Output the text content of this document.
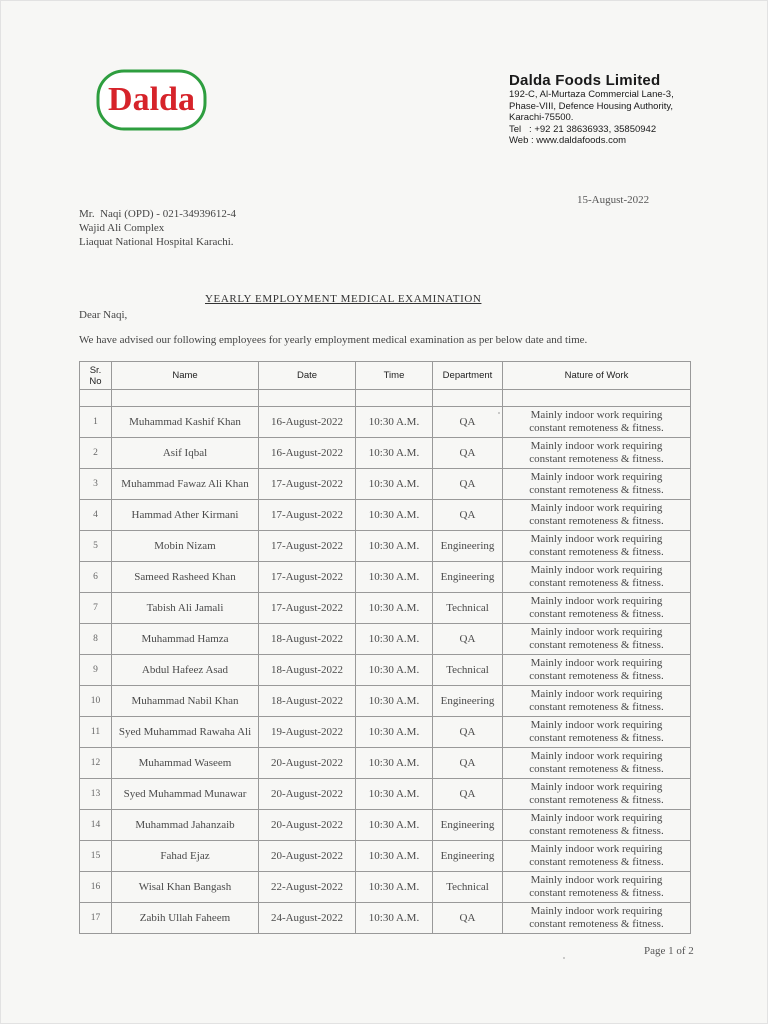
Dalda
Dalda Foods Limited
192-C, Al-Murtaza Commercial Lane-3,
Phase-VIII, Defence Housing Authority,
Karachi-75500.
Tel   : +92 21 38636933, 35850942
Web : www.daldafoods.com
15-August-2022
Mr.  Naqi (OPD) - 021-34939612-4
Wajid Ali Complex
Liaquat National Hospital Karachi.
YEARLY EMPLOYMENT MEDICAL EXAMINATION
Dear Naqi,
We have advised our following employees for yearly employment medical examination as per below date and time.
Sr.
No	Name	Date	Time	Department	Nature of Work

1	Muhammad Kashif Khan	16-August-2022	10:30 A.M.	QA	Mainly indoor work requiring
constant remoteness & fitness.
2	Asif Iqbal	16-August-2022	10:30 A.M.	QA	Mainly indoor work requiring
constant remoteness & fitness.
3	Muhammad Fawaz Ali Khan	17-August-2022	10:30 A.M.	QA	Mainly indoor work requiring
constant remoteness & fitness.
4	Hammad Ather Kirmani	17-August-2022	10:30 A.M.	QA	Mainly indoor work requiring
constant remoteness & fitness.
5	Mobin Nizam	17-August-2022	10:30 A.M.	Engineering	Mainly indoor work requiring
constant remoteness & fitness.
6	Sameed Rasheed Khan	17-August-2022	10:30 A.M.	Engineering	Mainly indoor work requiring
constant remoteness & fitness.
7	Tabish Ali Jamali	17-August-2022	10:30 A.M.	Technical	Mainly indoor work requiring
constant remoteness & fitness.
8	Muhammad Hamza	18-August-2022	10:30 A.M.	QA	Mainly indoor work requiring
constant remoteness & fitness.
9	Abdul Hafeez Asad	18-August-2022	10:30 A.M.	Technical	Mainly indoor work requiring
constant remoteness & fitness.
10	Muhammad Nabil Khan	18-August-2022	10:30 A.M.	Engineering	Mainly indoor work requiring
constant remoteness & fitness.
11	Syed Muhammad Rawaha Ali	19-August-2022	10:30 A.M.	QA	Mainly indoor work requiring
constant remoteness & fitness.
12	Muhammad Waseem	20-August-2022	10:30 A.M.	QA	Mainly indoor work requiring
constant remoteness & fitness.
13	Syed Muhammad Munawar	20-August-2022	10:30 A.M.	QA	Mainly indoor work requiring
constant remoteness & fitness.
14	Muhammad Jahanzaib	20-August-2022	10:30 A.M.	Engineering	Mainly indoor work requiring
constant remoteness & fitness.
15	Fahad Ejaz	20-August-2022	10:30 A.M.	Engineering	Mainly indoor work requiring
constant remoteness & fitness.
16	Wisal Khan Bangash	22-August-2022	10:30 A.M.	Technical	Mainly indoor work requiring
constant remoteness & fitness.
17	Zabih Ullah Faheem	24-August-2022	10:30 A.M.	QA	Mainly indoor work requiring
constant remoteness & fitness.
Page 1 of 2
